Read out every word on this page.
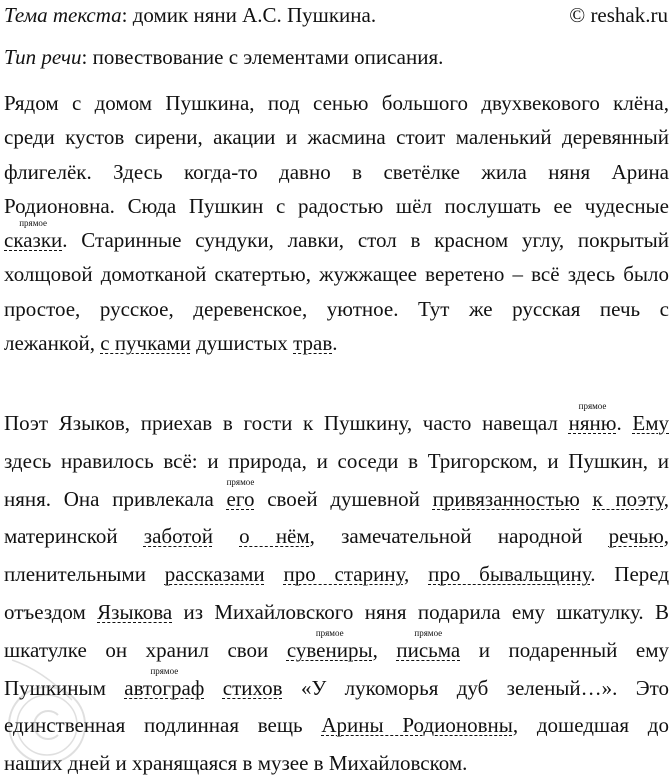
Тема текста: домик няни А.С. Пушкина.	© reshak.ru
Тип речи: повествование с элементами описания.
Рядом с домом Пушкина, под сенью большого двухвекового клёна,
среди кустов сирени, акации и жасмина стоит маленький деревянный
флигелёк. Здесь когда-то давно в светёлке жила няня Арина
Родионовна. Сюда Пушкин с радостью шёл послушать ее чудесные
сказки
прямое
. Старинные сундуки, лавки, стол в красном углу, покрытый
холщовой домотканой скатертью, жужжащее веретено – всё здесь было
простое, русское, деревенское, уютное. Тут же русская печь с
лежанкой, с пучками душистых трав.
Поэт Языков, приехав в гости к Пушкину, часто навещал няню
прямое
. Ему
здесь нравилось всё: и природа, и соседи в Тригорском, и Пушкин, и
няня. Она привлекала его
прямое
своей душевной привязанностью к поэту,
материнской заботой о нём, замечательной народной речью,
пленительными рассказами про старину, про бывальщину. Перед
отъездом Языкова из Михайловского няня подарила ему шкатулку. В
шкатулке он хранил свои сувениры
прямое
, письма
прямое
и подаренный ему
Пушкиным автограф
прямое
стихов «У лукоморья дуб зеленый…». Это
единственная подлинная вещь Арины Родионовны, дошедшая до
наших дней и хранящаяся в музее в Михайловском.
